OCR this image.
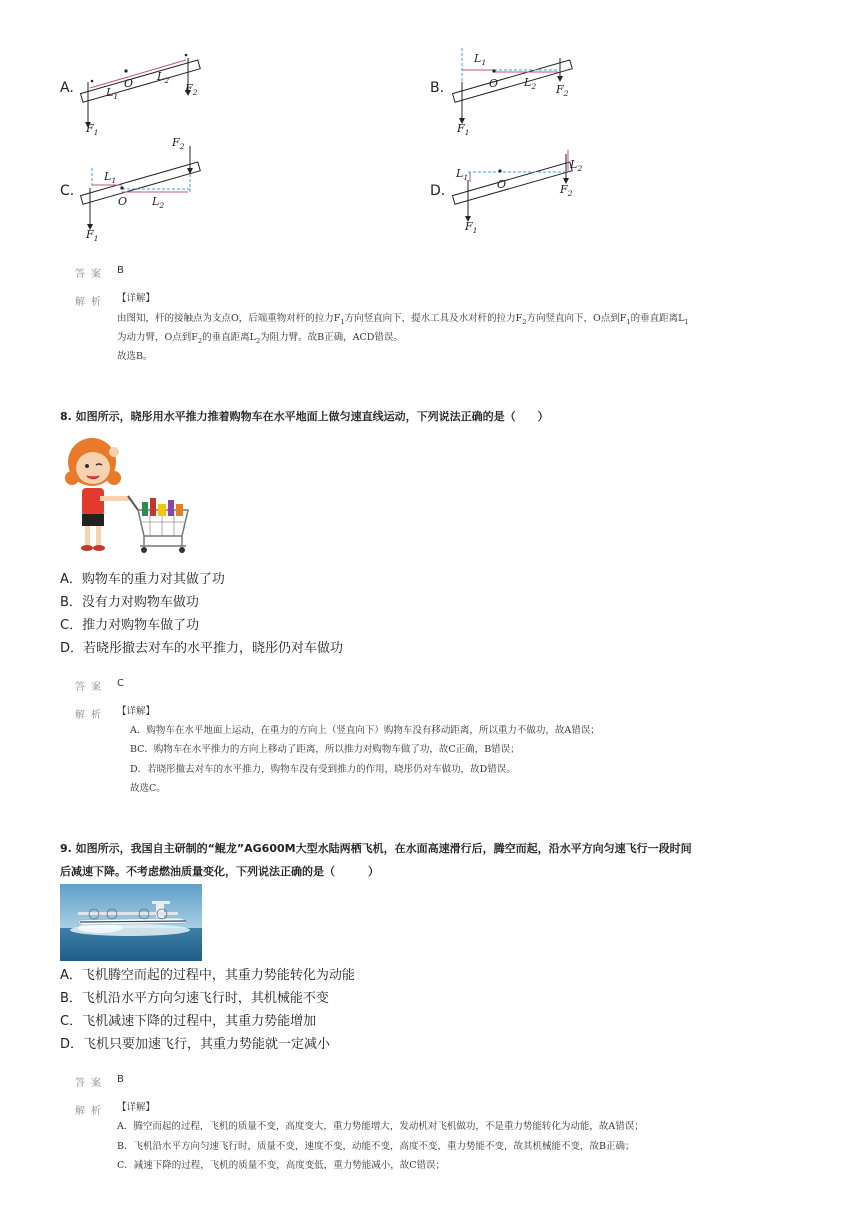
A.	O
$L_1$
$L_2$
$F_1$
$F_2$	B.
$L_1$
O $L_2$
$F_1$
$F_2$
C.
$F_2$
$L_1$
O $L_2$
$F_1$
D.
$L_1$
O
$L_2$
$F_2$
$F_1$
答案 B
解析 【详解】
由图知，杆的接触点为支点O，后端重物对杆的拉力$F_1$方向竖直向下，提水工具及水对杆的拉力$F_2$方向竖直向下，O点到$F_1$的垂直距离$L_1$
为动力臂，O点到$F_2$的垂直距离$L_2$为阻力臂。故B正确，ACD错误。
故选B。
8. 如图所示，晓彤用水平推力推着购物车在水平地面上做匀速直线运动，下列说法正确的是（　　）
A．购物车的重力对其做了功
B．没有力对购物车做功
C．推力对购物车做了功
D．若晓彤撤去对车的水平推力，晓彤仍对车做功
答案 C
解析 【详解】
A．购物车在水平地面上运动，在重力的方向上（竖直向下）购物车没有移动距离，所以重力不做功，故A错误；
BC．购物车在水平推力的方向上移动了距离，所以推力对购物车做了功，故C正确，B错误；
D．若晓彤撤去对车的水平推力，购物车没有受到推力的作用，晓彤仍对车做功，故D错误。
故选C。
9. 如图所示，我国自主研制的“鲲龙”AG600M大型水陆两栖飞机，在水面高速滑行后，腾空而起，沿水平方向匀速飞行一段时间
后减速下降。不考虑燃油质量变化，下列说法正确的是（　　　）
A．飞机腾空而起的过程中，其重力势能转化为动能
B．飞机沿水平方向匀速飞行时，其机械能不变
C．飞机减速下降的过程中，其重力势能增加
D．飞机只要加速飞行，其重力势能就一定减小
答案 B
解析 【详解】
A．腾空而起的过程，飞机的质量不变，高度变大，重力势能增大，发动机对飞机做功，不是重力势能转化为动能，故A错误；
B．飞机沿水平方向匀速飞行时，质量不变，速度不变，动能不变，高度不变，重力势能不变，故其机械能不变，故B正确；
C．减速下降的过程，飞机的质量不变，高度变低，重力势能减小，故C错误；
